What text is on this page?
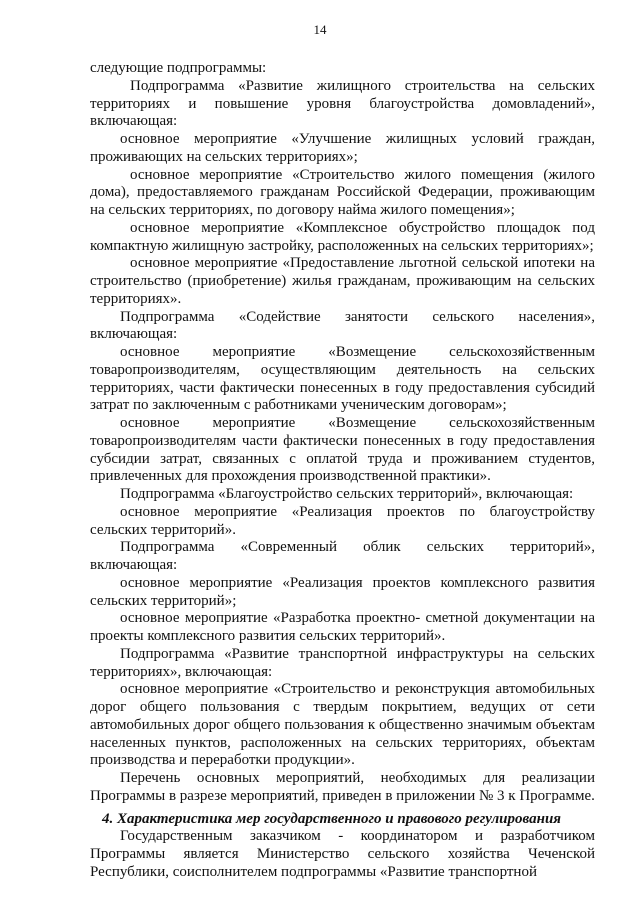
14

следующие подпрограммы:

Подпрограмма «Развитие жилищного строительства на сельских территориях и повышение уровня благоустройства домовладений», включающая:

основное мероприятие «Улучшение жилищных условий граждан, проживающих на сельских территориях»;

основное мероприятие «Строительство жилого помещения (жилого дома), предоставляемого гражданам Российской Федерации, проживающим на сельских территориях, по договору найма жилого помещения»;

основное мероприятие «Комплексное обустройство площадок под компактную жилищную застройку, расположенных на сельских территориях»;

основное мероприятие «Предоставление льготной сельской ипотеки на строительство (приобретение) жилья гражданам, проживающим на сельских территориях».

Подпрограмма «Содействие занятости сельского населения», включающая:

основное мероприятие «Возмещение сельскохозяйственным товаропроизводителям, осуществляющим деятельность на сельских территориях, части фактически понесенных в году предоставления субсидий затрат по заключенным с работниками ученическим договорам»;

основное мероприятие «Возмещение сельскохозяйственным товаропроизводителям части фактически понесенных в году предоставления субсидии затрат, связанных с оплатой труда и проживанием студентов, привлеченных для прохождения производственной практики».

Подпрограмма «Благоустройство сельских территорий», включающая:

основное мероприятие «Реализация проектов по благоустройству сельских территорий».

Подпрограмма «Современный облик сельских территорий», включающая:

основное мероприятие «Реализация проектов комплексного развития сельских территорий»;

основное мероприятие «Разработка проектно- сметной документации на проекты комплексного развития сельских территорий».

Подпрограмма «Развитие транспортной инфраструктуры на сельских территориях», включающая:

основное мероприятие «Строительство и реконструкция автомобильных дорог общего пользования с твердым покрытием, ведущих от сети автомобильных дорог общего пользования к общественно значимым объектам населенных пунктов, расположенных на сельских территориях, объектам производства и переработки продукции».

Перечень основных мероприятий, необходимых для реализации Программы в разрезе мероприятий, приведен в приложении № 3 к Программе.

4. Характеристика мер государственного и правового регулирования

Государственным заказчиком - координатором и разработчиком Программы является Министерство сельского хозяйства Чеченской Республики, соисполнителем подпрограммы «Развитие транспортной
